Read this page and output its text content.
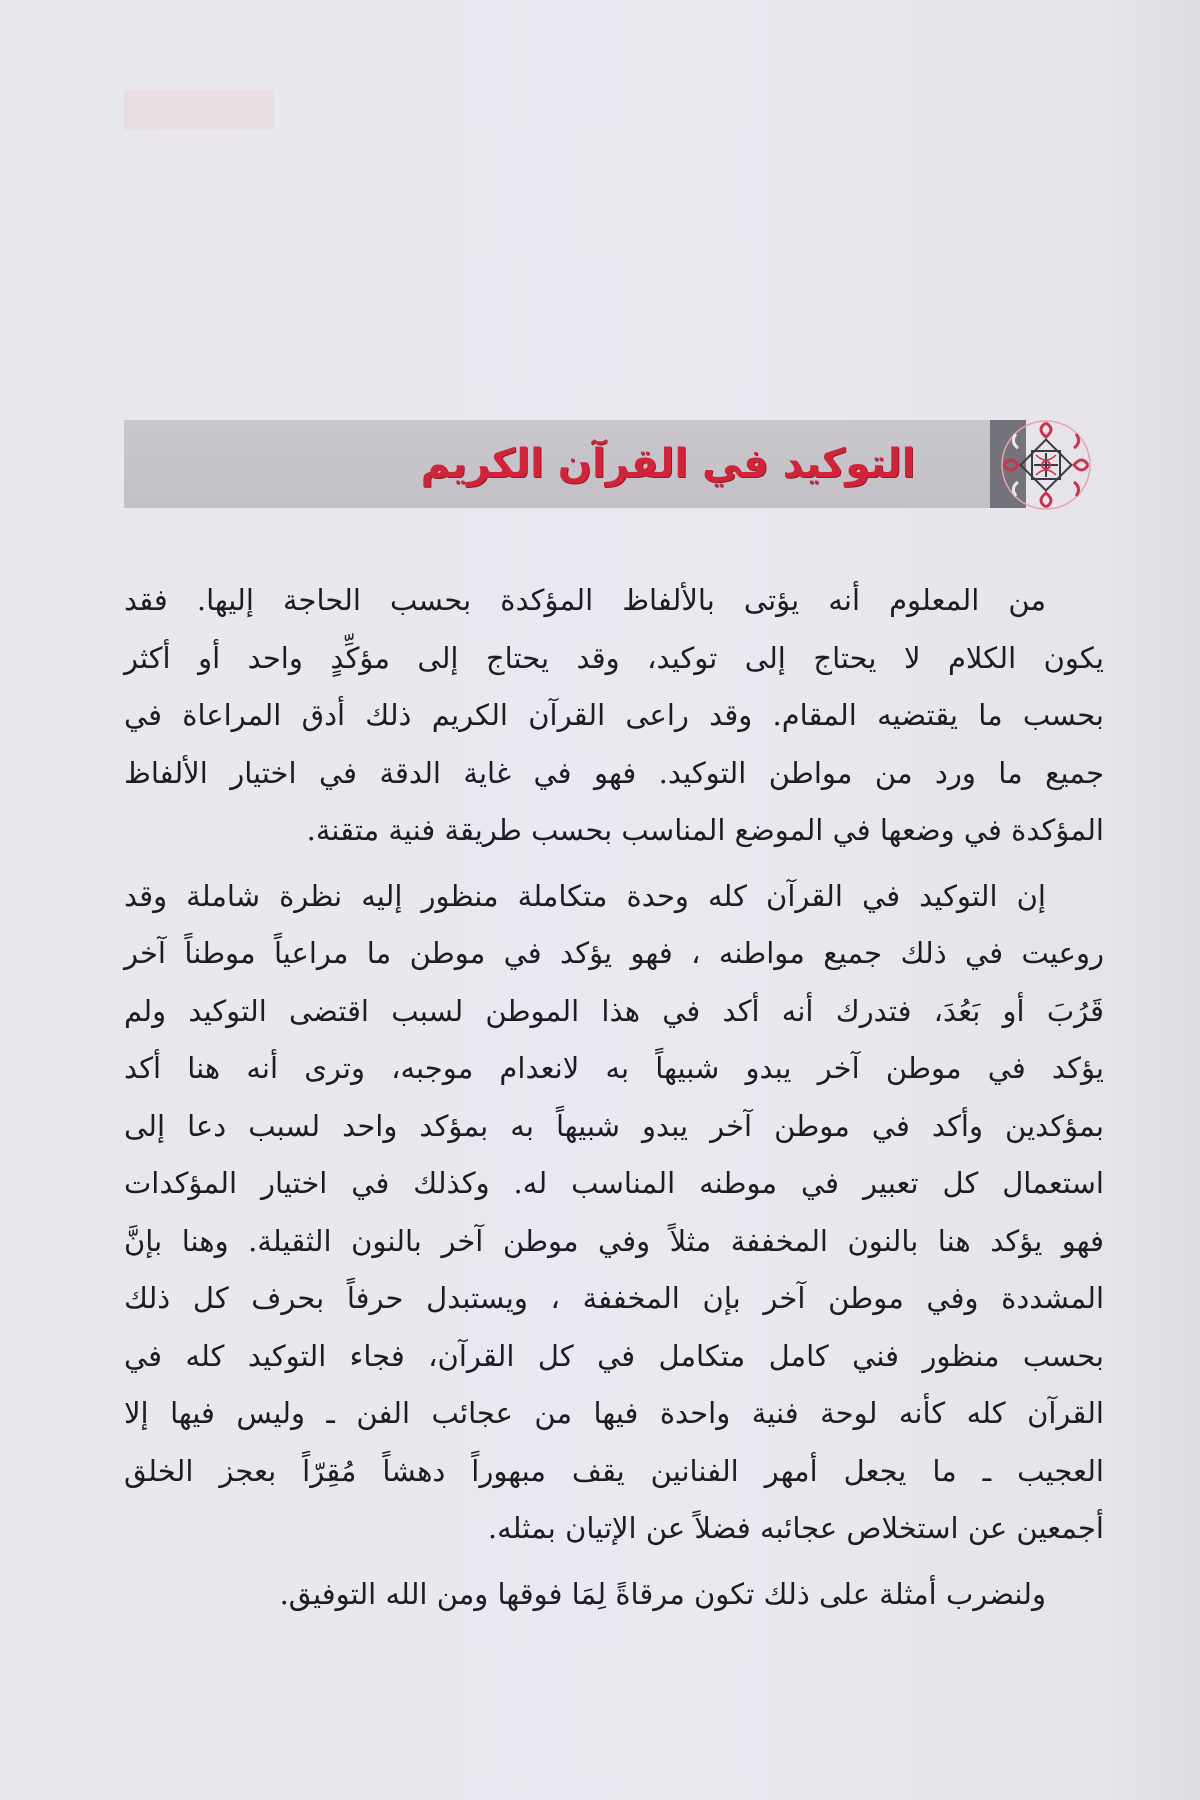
التوكيد في القرآن الكريم

من المعلوم أنه يؤتى بالألفاظ المؤكدة بحسب الحاجة إليها. فقد
يكون الكلام لا يحتاج إلى توكيد، وقد يحتاج إلى مؤكِّدٍ واحد أو أكثر
بحسب ما يقتضيه المقام. وقد راعى القرآن الكريم ذلك أدق المراعاة في
جميع ما ورد من مواطن التوكيد. فهو في غاية الدقة في اختيار الألفاظ
المؤكدة في وضعها في الموضع المناسب بحسب طريقة فنية متقنة.

إن التوكيد في القرآن كله وحدة متكاملة منظور إليه نظرة شاملة وقد
روعيت في ذلك جميع مواطنه ، فهو يؤكد في موطن ما مراعياً موطناً آخر
قَرُبَ أو بَعُدَ، فتدرك أنه أكد في هذا الموطن لسبب اقتضى التوكيد ولم
يؤكد في موطن آخر يبدو شبيهاً به لانعدام موجبه، وترى أنه هنا أكد
بمؤكدين وأكد في موطن آخر يبدو شبيهاً به بمؤكد واحد لسبب دعا إلى
استعمال كل تعبير في موطنه المناسب له. وكذلك في اختيار المؤكدات
فهو يؤكد هنا بالنون المخففة مثلاً وفي موطن آخر بالنون الثقيلة. وهنا بإنَّ
المشددة وفي موطن آخر بإن المخففة ، ويستبدل حرفاً بحرف كل ذلك
بحسب منظور فني كامل متكامل في كل القرآن، فجاء التوكيد كله في
القرآن كله كأنه لوحة فنية واحدة فيها من عجائب الفن ـ وليس فيها إلا
العجيب ـ ما يجعل أمهر الفنانين يقف مبهوراً دهشاً مُقِرّاً بعجز الخلق
أجمعين عن استخلاص عجائبه فضلاً عن الإتيان بمثله.

ولنضرب أمثلة على ذلك تكون مرقاةً لِمَا فوقها ومن الله التوفيق.
